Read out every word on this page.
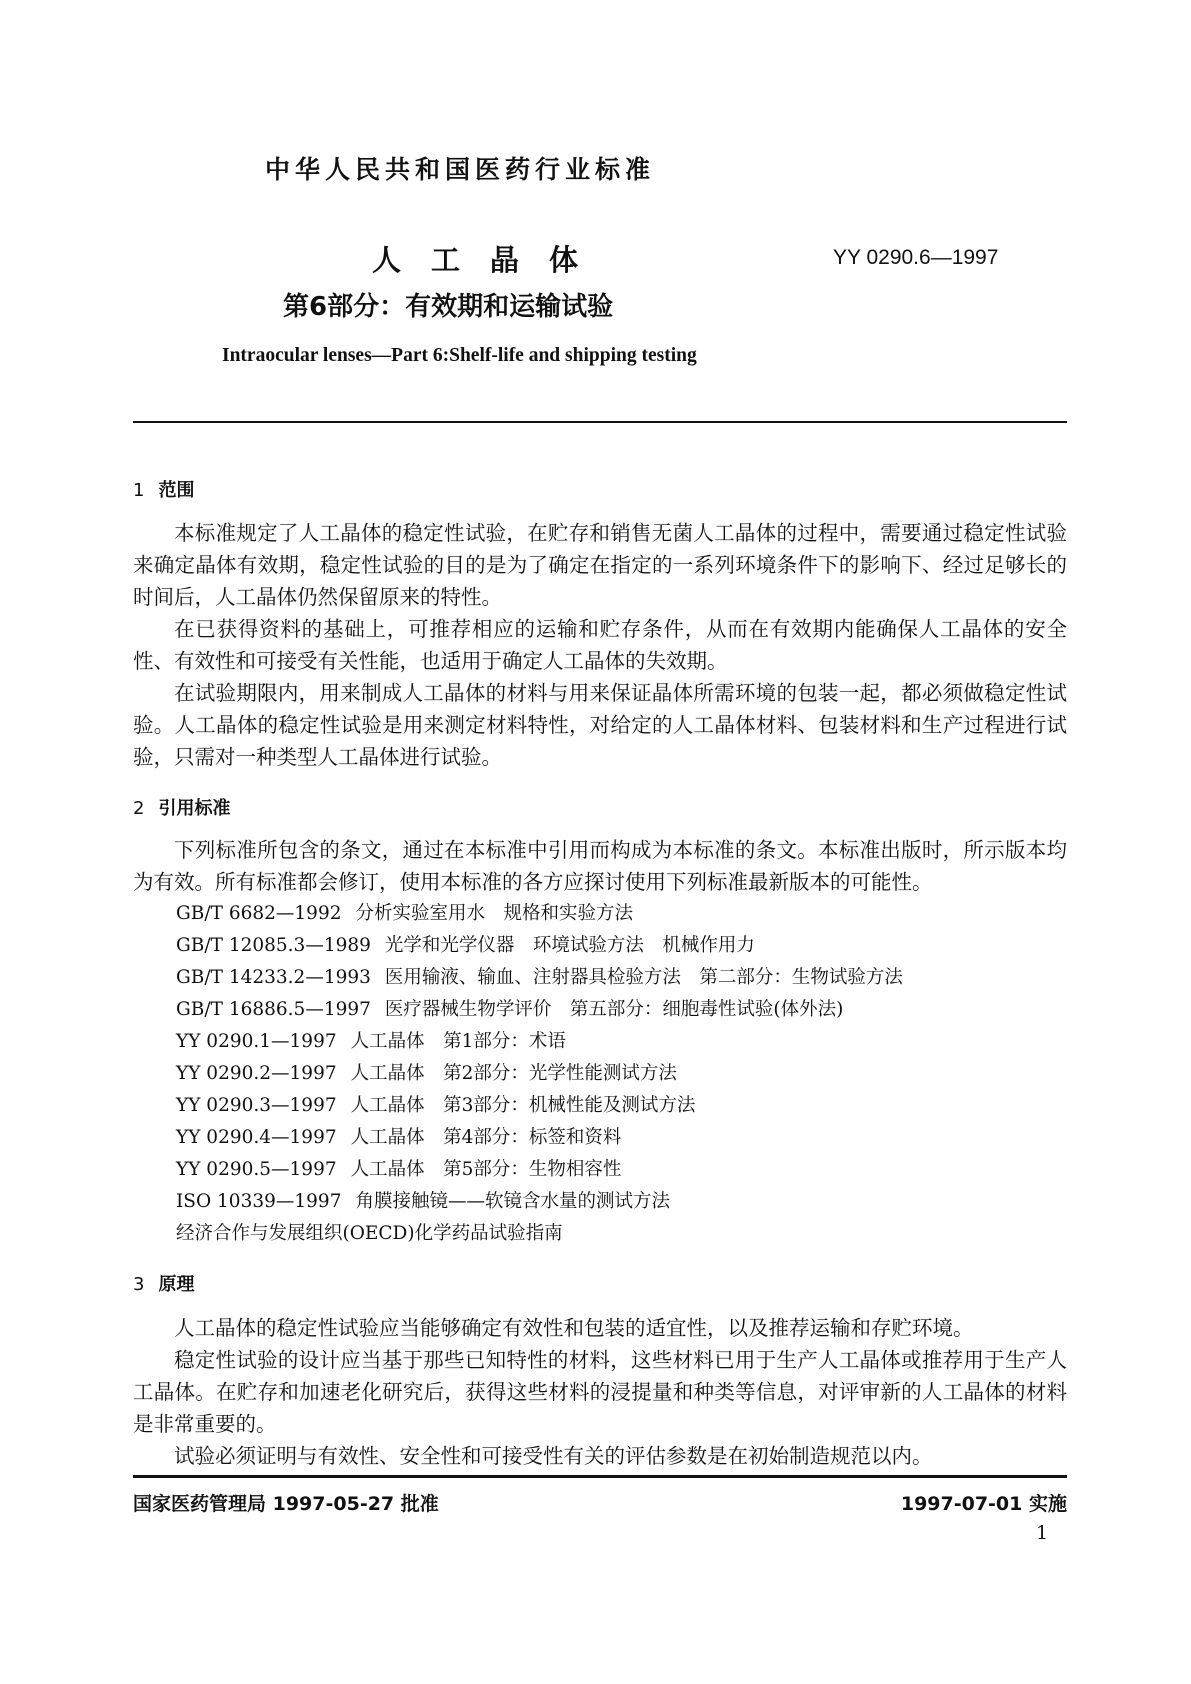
中华人民共和国医药行业标准
人工晶体	YY 0290.6—1997
第6部分：有效期和运输试验
Intraocular lenses—Part 6:Shelf-life and shipping testing
1 范围

本标准规定了人工晶体的稳定性试验，在贮存和销售无菌人工晶体的过程中，需要通过稳定性试验来确定晶体有效期，稳定性试验的目的是为了确定在指定的一系列环境条件下的影响下、经过足够长的时间后，人工晶体仍然保留原来的特性。

在已获得资料的基础上，可推荐相应的运输和贮存条件，从而在有效期内能确保人工晶体的安全性、有效性和可接受有关性能，也适用于确定人工晶体的失效期。

在试验期限内，用来制成人工晶体的材料与用来保证晶体所需环境的包装一起，都必须做稳定性试验。人工晶体的稳定性试验是用来测定材料特性，对给定的人工晶体材料、包装材料和生产过程进行试验，只需对一种类型人工晶体进行试验。

2 引用标准

下列标准所包含的条文，通过在本标准中引用而构成为本标准的条文。本标准出版时，所示版本均为有效。所有标准都会修订，使用本标准的各方应探讨使用下列标准最新版本的可能性。

GB/T 6682—1992 分析实验室用水　规格和实验方法
GB/T 12085.3—1989 光学和光学仪器　环境试验方法　机械作用力
GB/T 14233.2—1993 医用输液、输血、注射器具检验方法　第二部分：生物试验方法
GB/T 16886.5—1997 医疗器械生物学评价　第五部分：细胞毒性试验(体外法)
YY 0290.1—1997 人工晶体　第1部分：术语
YY 0290.2—1997 人工晶体　第2部分：光学性能测试方法
YY 0290.3—1997 人工晶体　第3部分：机械性能及测试方法
YY 0290.4—1997 人工晶体　第4部分：标签和资料
YY 0290.5—1997 人工晶体　第5部分：生物相容性
ISO 10339—1997 角膜接触镜——软镜含水量的测试方法
经济合作与发展组织(OECD)化学药品试验指南
3 原理

人工晶体的稳定性试验应当能够确定有效性和包装的适宜性，以及推荐运输和存贮环境。

稳定性试验的设计应当基于那些已知特性的材料，这些材料已用于生产人工晶体或推荐用于生产人工晶体。在贮存和加速老化研究后，获得这些材料的浸提量和种类等信息，对评审新的人工晶体的材料是非常重要的。

试验必须证明与有效性、安全性和可接受性有关的评估参数是在初始制造规范以内。

国家医药管理局 1997-05-27 批准	1997-07-01 实施
1
